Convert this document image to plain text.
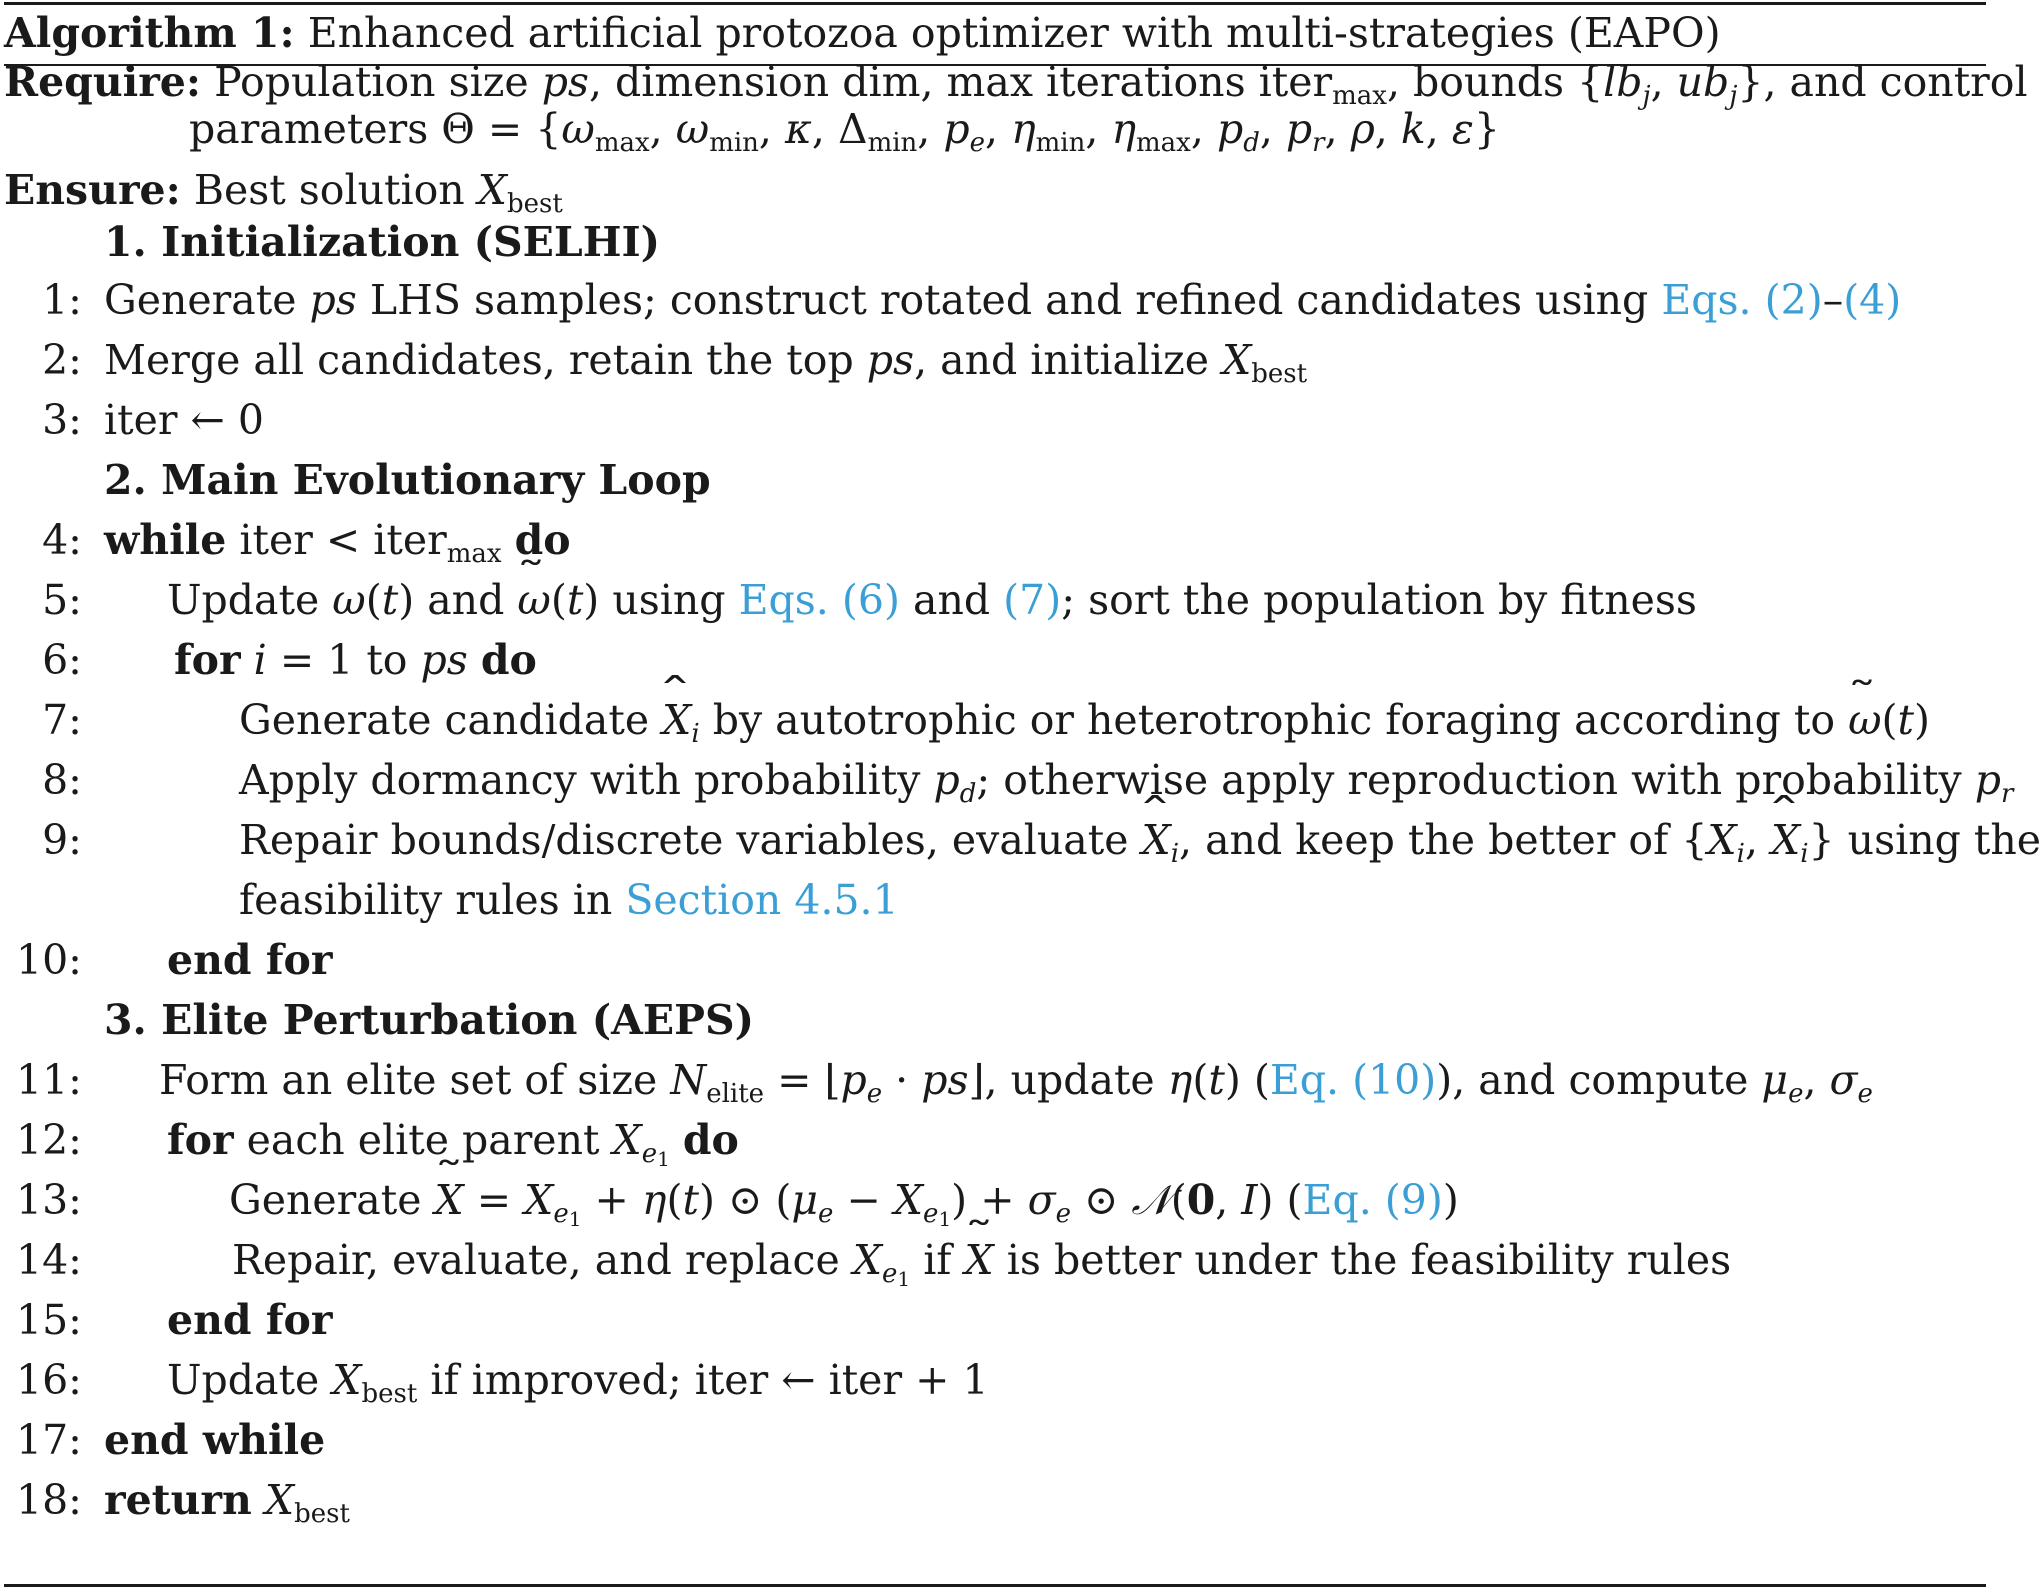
Algorithm 1: Enhanced artificial protozoa optimizer with multi-strategies (EAPO)
Require: Population size ps, dimension dim, max iterations iter$_{max}$, bounds {$lb_j$, $ub_j$}, and control
parameters $\Theta = \{\omega_{max}$, $\omega_{min}$, κ, $\Delta_{min}$, $p_e$, $\eta_{min}$, $\eta_{max}$, $p_d$, $p_r$, ρ, k, ε}
Ensure: Best solution $X_{best}$
1. Initialization (SELHI)
1: Generate ps LHS samples; construct rotated and refined candidates using Eqs. (2)–(4)
2: Merge all candidates, retain the top ps, and initialize $X_{best}$
3: iter ← 0
2. Main Evolutionary Loop
4: while iter < iter$_{max}$ do
5: Update ω(t) and ˜ ω(t) using Eqs. (6) and (7); sort the population by fitness
6: for i = 1 to ps do
7:	Generate candidate ˆ $X_i$ by autotrophic or heterotrophic foraging according to ˜ ω(t)
8:	Apply dormancy with probability $p_d$; otherwise apply reproduction with probability $p_r$
9:	Repair bounds/discrete variables, evaluate ˆ $X_i$, and keep the better of {$X_i$, ˆ $X_i$} using the
feasibility rules in Section 4.5.1
10: end for
3. Elite Perturbation (AEPS)
11: Form an elite set of size $N_{elite}$ = $⌊p_e$ · ps⌋, update η(t) (Eq. (10)), and compute $\mu_e$, $\sigma_e$
12: for each elite parent $X_{e_1}$ do
13:	Generate ˜ $X = X_{e_1} + \eta(t)$ ⊙ $(\mu_e - X_{e_1}) + \sigma_e$ ⊙ 𝒩(0, I) (Eq. (9))
14:	Repair, evaluate, and replace $X_{e_1}$ if ˜ X is better under the feasibility rules
15: end for
16: Update $X_{best}$ if improved; iter ← iter + 1
17: end while
18: return $X_{best}$
